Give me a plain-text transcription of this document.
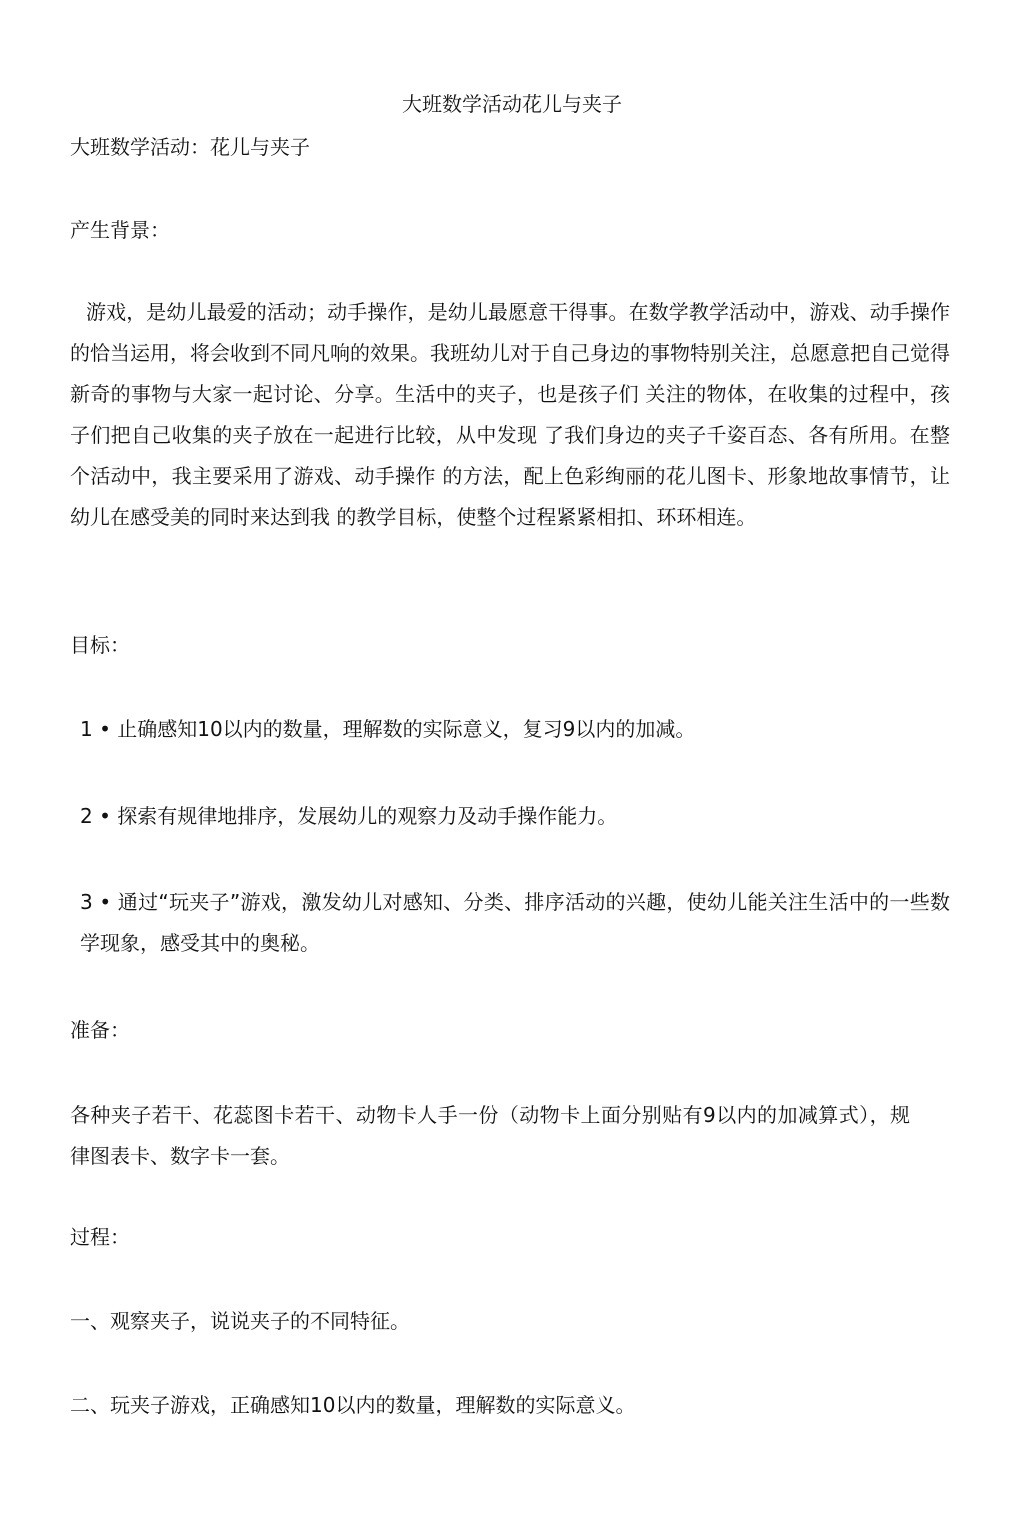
大班数学活动花儿与夹子
大班数学活动：花儿与夹子
产生背景：
游戏，是幼儿最爱的活动；动手操作，是幼儿最愿意干得事。在数学教学活动中，游戏、动手操作的恰当运用，将会收到不同凡响的效果。我班幼儿对于自己身边的事物特别关注，总愿意把自己觉得新奇的事物与大家一起讨论、分享。生活中的夹子，也是孩子们 关注的物体，在收集的过程中，孩子们把自己收集的夹子放在一起进行比较，从中发现 了我们身边的夹子千姿百态、各有所用。在整个活动中，我主要采用了游戏、动手操作 的方法，配上色彩绚丽的花儿图卡、形象地故事情节，让幼儿在感受美的同时来达到我 的教学目标，使整个过程紧紧相扣、环环相连。
目标：
1 • 止确感知10以内的数量，理解数的实际意义，复习9以内的加减。
2 • 探索有规律地排序，发展幼儿的观察力及动手操作能力。
3 • 通过“玩夹子”游戏，激发幼儿对感知、分类、排序活动的兴趣，使幼儿能关注生活中的一些数学现象，感受其中的奥秘。
准备：
各种夹子若干、花蕊图卡若干、动物卡人手一份（动物卡上面分别贴有9以内的加减算式），规律图表卡、数字卡一套。
过程：
一、观察夹子，说说夹子的不同特征。
二、玩夹子游戏，正确感知10以内的数量，理解数的实际意义。
